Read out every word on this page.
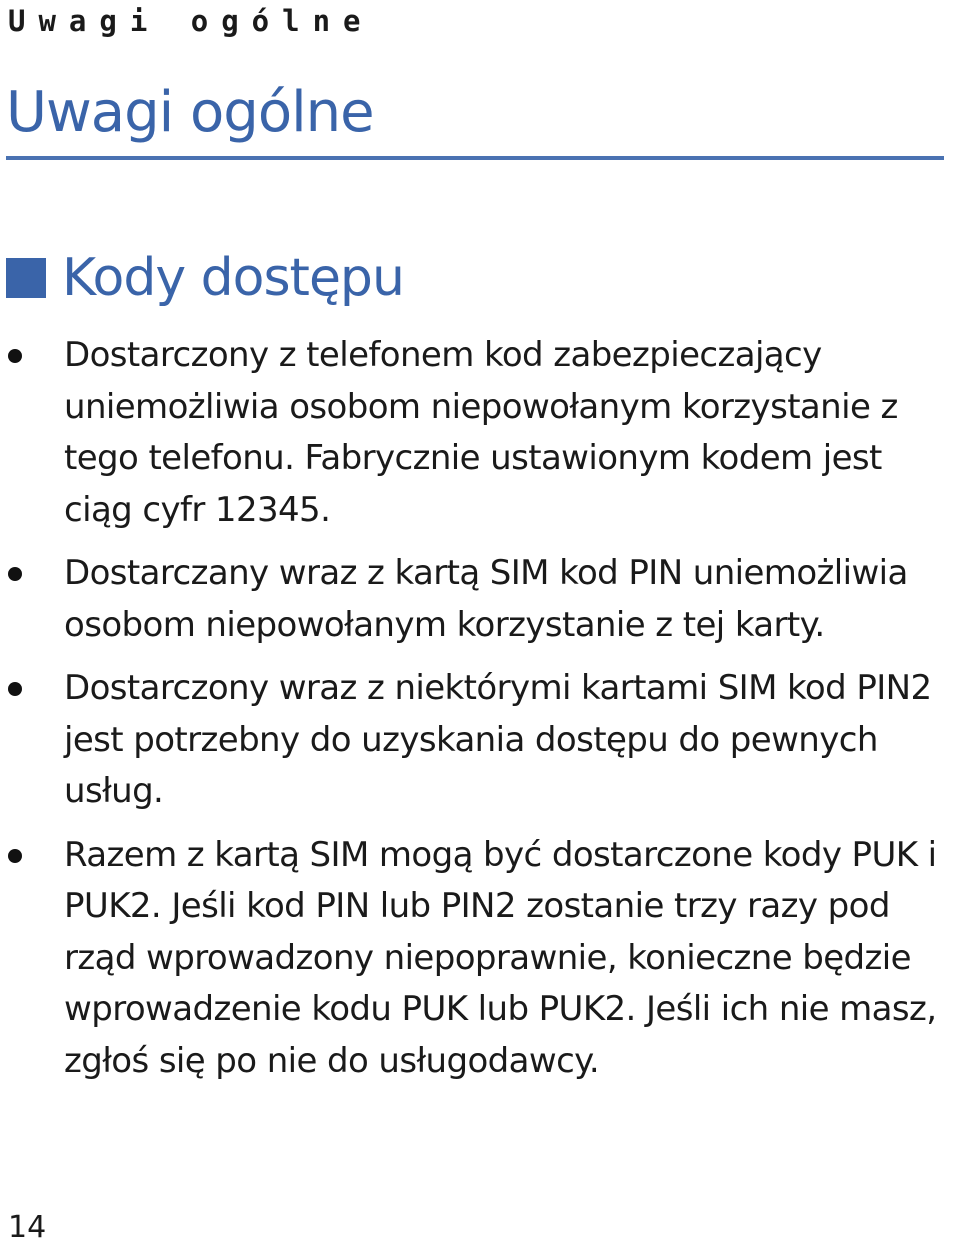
Uwagi ogólne
Uwagi ogólne
Kody dostępu
Dostarczony z telefonem kod zabezpieczający uniemożliwia osobom niepowołanym korzystanie z tego telefonu. Fabrycznie ustawionym kodem jest ciąg cyfr 12345.
Dostarczany wraz z kartą SIM kod PIN uniemożliwia osobom niepowołanym korzystanie z tej karty.
Dostarczony wraz z niektórymi kartami SIM kod PIN2 jest potrzebny do uzyskania dostępu do pewnych usług.
Razem z kartą SIM mogą być dostarczone kody PUK i PUK2. Jeśli kod PIN lub PIN2 zostanie trzy razy pod rząd wprowadzony niepoprawnie, konieczne będzie wprowadzenie kodu PUK lub PUK2. Jeśli ich nie masz, zgłoś się po nie do usługodawcy.
14
